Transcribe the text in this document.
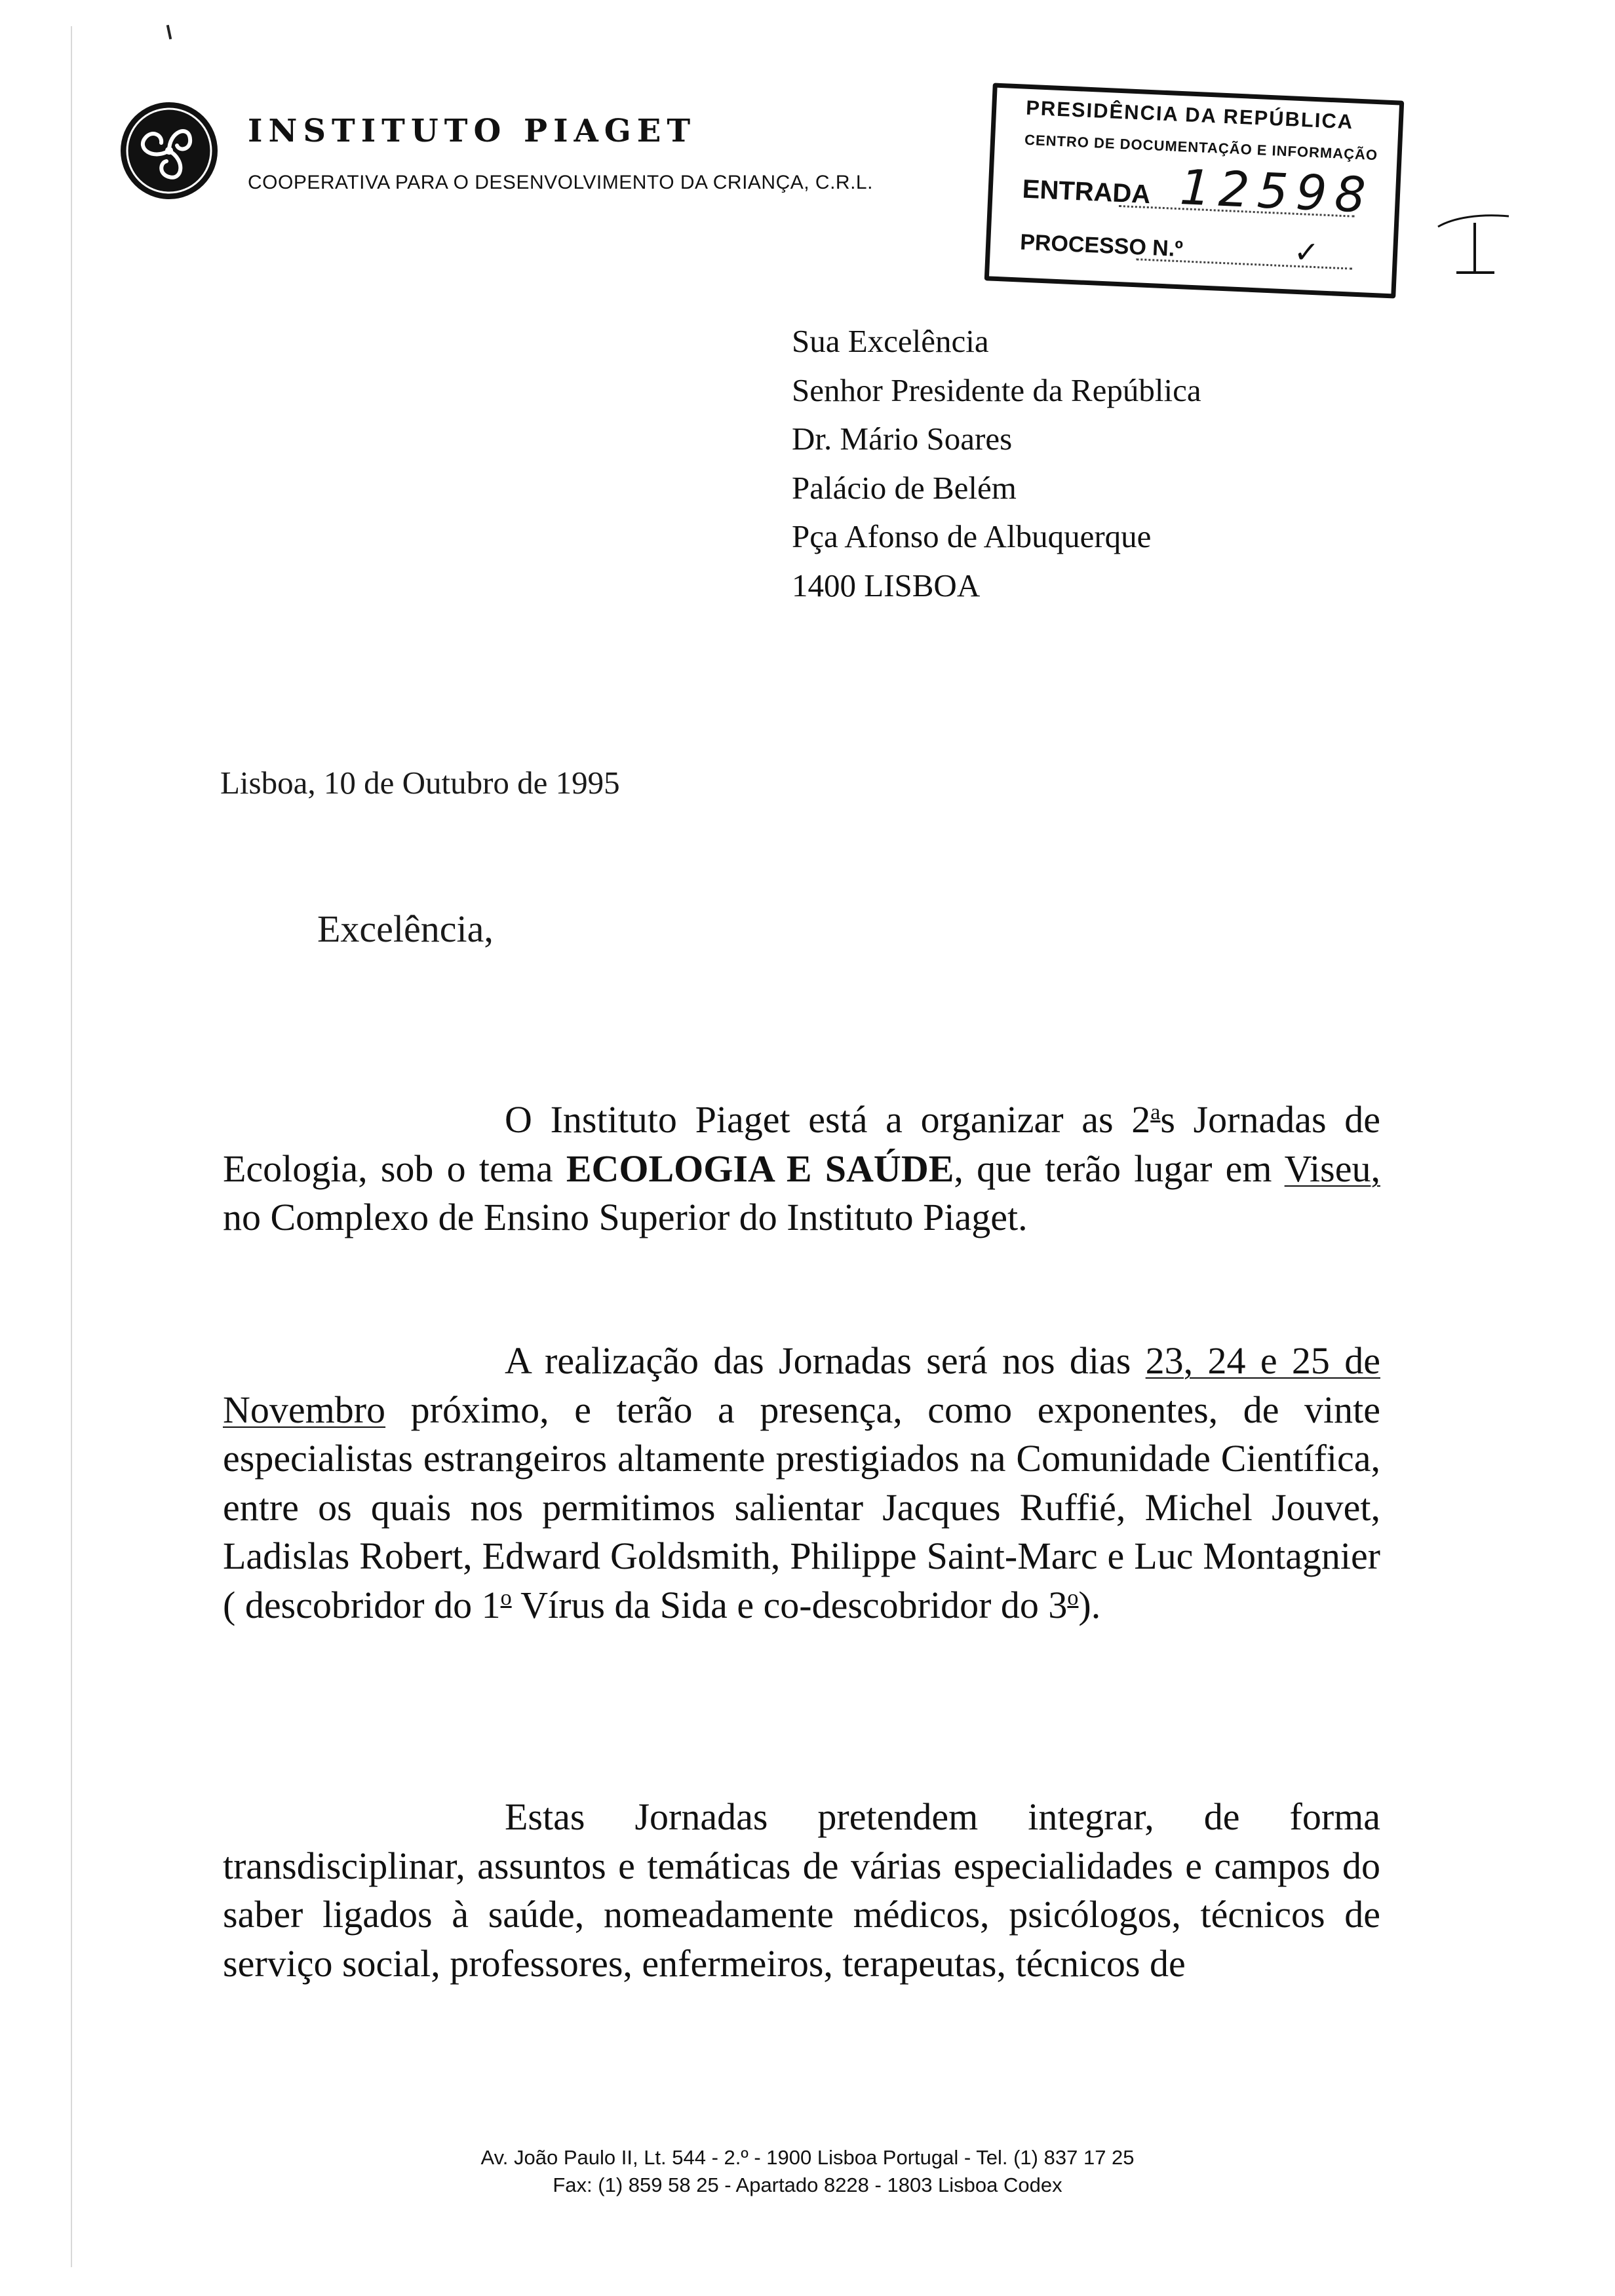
INSTITUTO PIAGET
COOPERATIVA PARA O DESENVOLVIMENTO DA CRIANÇA, C.R.L.
PRESIDÊNCIA DA REPÚBLICA
CENTRO DE DOCUMENTAÇÃO E INFORMAÇÃO
ENTRADA 12598
PROCESSO N.º	✓
Sua Excelência
Senhor Presidente da República
Dr. Mário Soares
Palácio de Belém
Pça Afonso de Albuquerque
1400 LISBOA
Lisboa, 10 de Outubro de 1995
Excelência,
O Instituto Piaget está a organizar as 2$^a$s Jornadas de Ecologia, sob o tema ECOLOGIA E SAÚDE, que terão lugar em Viseu, no Complexo de Ensino Superior do Instituto Piaget.
A realização das Jornadas será nos dias 23, 24 e 25 de Novembro próximo, e terão a presença, como exponentes, de vinte especialistas estrangeiros altamente prestigiados na Comunidade Científica, entre os quais nos permitimos salientar Jacques Ruffié, Michel Jouvet, Ladislas Robert, Edward Goldsmith, Philippe Saint-Marc e Luc Montagnier ( descobridor do 1$^o$ Vírus da Sida e co-descobridor do 3$^o$).
Estas Jornadas pretendem integrar, de forma transdisciplinar, assuntos e temáticas de várias especialidades e campos do saber ligados à saúde, nomeadamente médicos, psicólogos, técnicos de serviço social, professores, enfermeiros, terapeutas, técnicos de
Av. João Paulo II, Lt. 544 - 2.º - 1900 Lisboa Portugal - Tel. (1) 837 17 25
Fax: (1) 859 58 25 - Apartado 8228 - 1803 Lisboa Codex
